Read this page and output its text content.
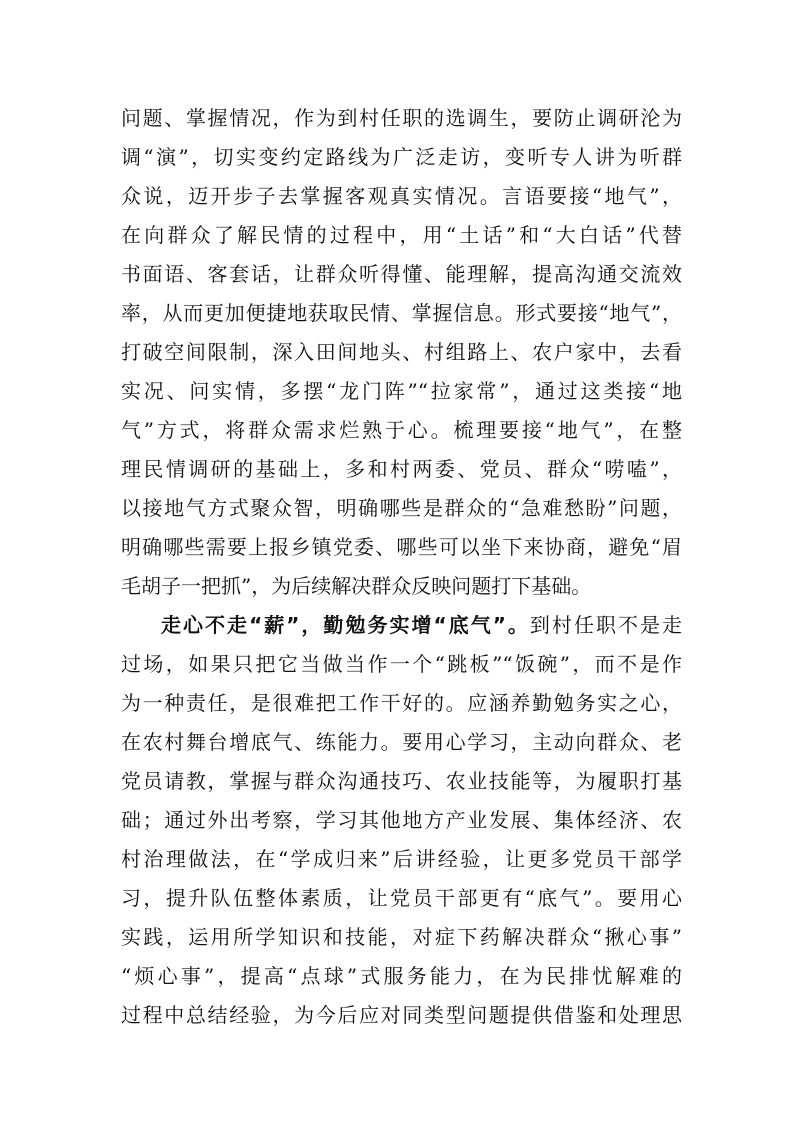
问题、掌握情况，作为到村任职的选调生，要防止调研沦为

调“演”，切实变约定路线为广泛走访，变听专人讲为听群

众说，迈开步子去掌握客观真实情况。言语要接“地气”，

在向群众了解民情的过程中，用“土话”和“大白话”代替

书面语、客套话，让群众听得懂、能理解，提高沟通交流效

率，从而更加便捷地获取民情、掌握信息。形式要接“地气”，

打破空间限制，深入田间地头、村组路上、农户家中，去看

实况、问实情，多摆“龙门阵”“拉家常”，通过这类接“地

气”方式，将群众需求烂熟于心。梳理要接“地气”，在整

理民情调研的基础上，多和村两委、党员、群众“唠嗑”，

以接地气方式聚众智，明确哪些是群众的“急难愁盼”问题，

明确哪些需要上报乡镇党委、哪些可以坐下来协商，避免“眉

毛胡子一把抓”，为后续解决群众反映问题打下基础。

走心不走“薪”，勤勉务实增“底气”。到村任职不是走

过场，如果只把它当做当作一个“跳板”“饭碗”，而不是作

为一种责任，是很难把工作干好的。应涵养勤勉务实之心，

在农村舞台增底气、练能力。要用心学习，主动向群众、老

党员请教，掌握与群众沟通技巧、农业技能等，为履职打基

础；通过外出考察，学习其他地方产业发展、集体经济、农

村治理做法，在“学成归来”后讲经验，让更多党员干部学

习，提升队伍整体素质，让党员干部更有“底气”。要用心

实践，运用所学知识和技能，对症下药解决群众“揪心事”

“烦心事”，提高“点球”式服务能力，在为民排忧解难的

过程中总结经验，为今后应对同类型问题提供借鉴和处理思
